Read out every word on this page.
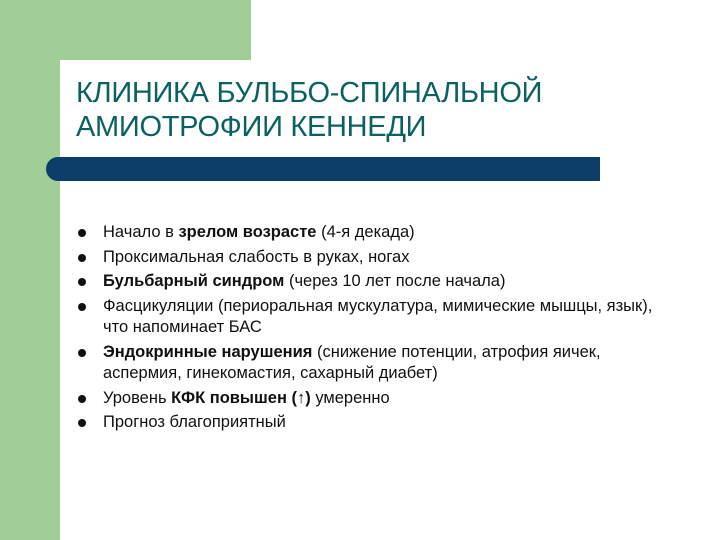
КЛИНИКА БУЛЬБО-СПИНАЛЬНОЙ
АМИОТРОФИИ КЕННЕДИ
Начало в зрелом возрасте (4-я декада)
Проксимальная слабость в руках, ногах
Бульбарный синдром (через 10 лет после начала)
Фасцикуляции (периоральная мускулатура, мимические мышцы, язык), что напоминает БАС
Эндокринные нарушения (снижение потенции, атрофия яичек, аспермия, гинекомастия, сахарный диабет)
Уровень КФК повышен (↑) умеренно
Прогноз благоприятный
